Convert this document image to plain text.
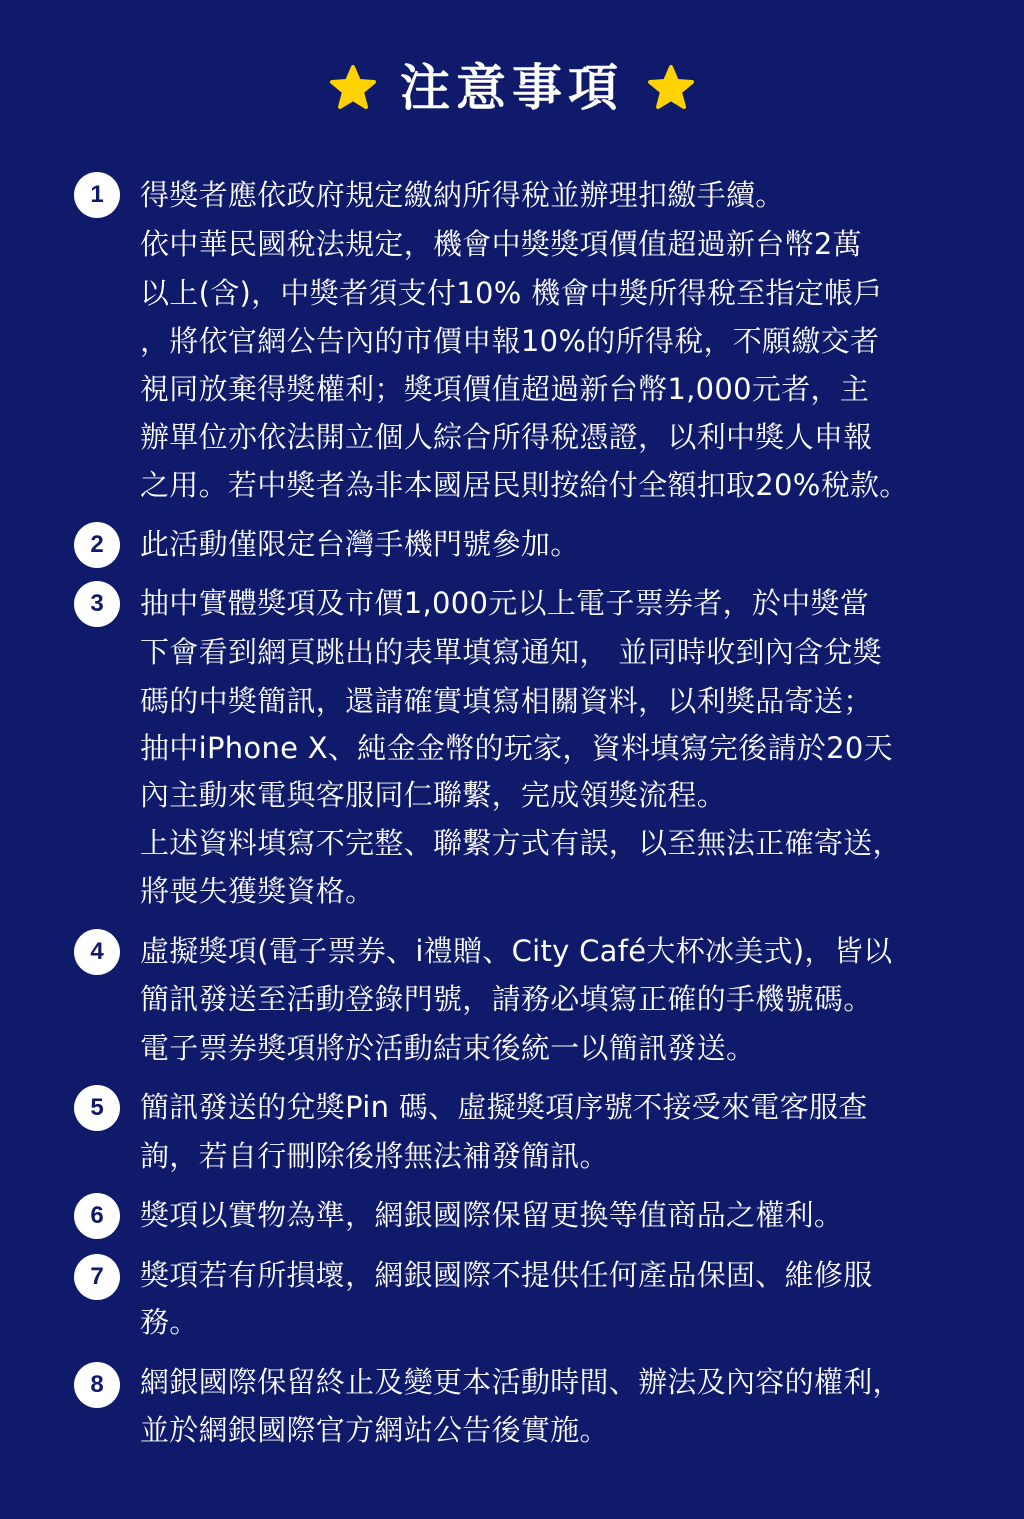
注意事項
1	得獎者應依政府規定繳納所得稅並辦理扣繳手續。
依中華民國稅法規定，機會中獎獎項價值超過新台幣2萬
以上(含)，中獎者須支付10% 機會中獎所得稅至指定帳戶
，將依官網公告內的市價申報10%的所得稅，不願繳交者
視同放棄得獎權利；獎項價值超過新台幣1,000元者，主
辦單位亦依法開立個人綜合所得稅憑證，以利中獎人申報
之用。若中獎者為非本國居民則按給付全額扣取20%稅款。
2	此活動僅限定台灣手機門號參加。
3	抽中實體獎項及市價1,000元以上電子票券者，於中獎當
下會看到網頁跳出的表單填寫通知， 並同時收到內含兌獎
碼的中獎簡訊，還請確實填寫相關資料，以利獎品寄送；
抽中iPhone X、純金金幣的玩家，資料填寫完後請於20天
內主動來電與客服同仁聯繫，完成領獎流程。
上述資料填寫不完整、聯繫方式有誤，以至無法正確寄送，
將喪失獲獎資格。
4	虛擬獎項(電子票券、i禮贈、City Café大杯冰美式)，皆以
簡訊發送至活動登錄門號，請務必填寫正確的手機號碼。
電子票券獎項將於活動結束後統一以簡訊發送。
5	簡訊發送的兌獎Pin 碼、虛擬獎項序號不接受來電客服查
詢，若自行刪除後將無法補發簡訊。
6	獎項以實物為準，網銀國際保留更換等值商品之權利。
7	獎項若有所損壞，網銀國際不提供任何產品保固、維修服
務。
8	網銀國際保留終止及變更本活動時間、辦法及內容的權利，
並於網銀國際官方網站公告後實施。
